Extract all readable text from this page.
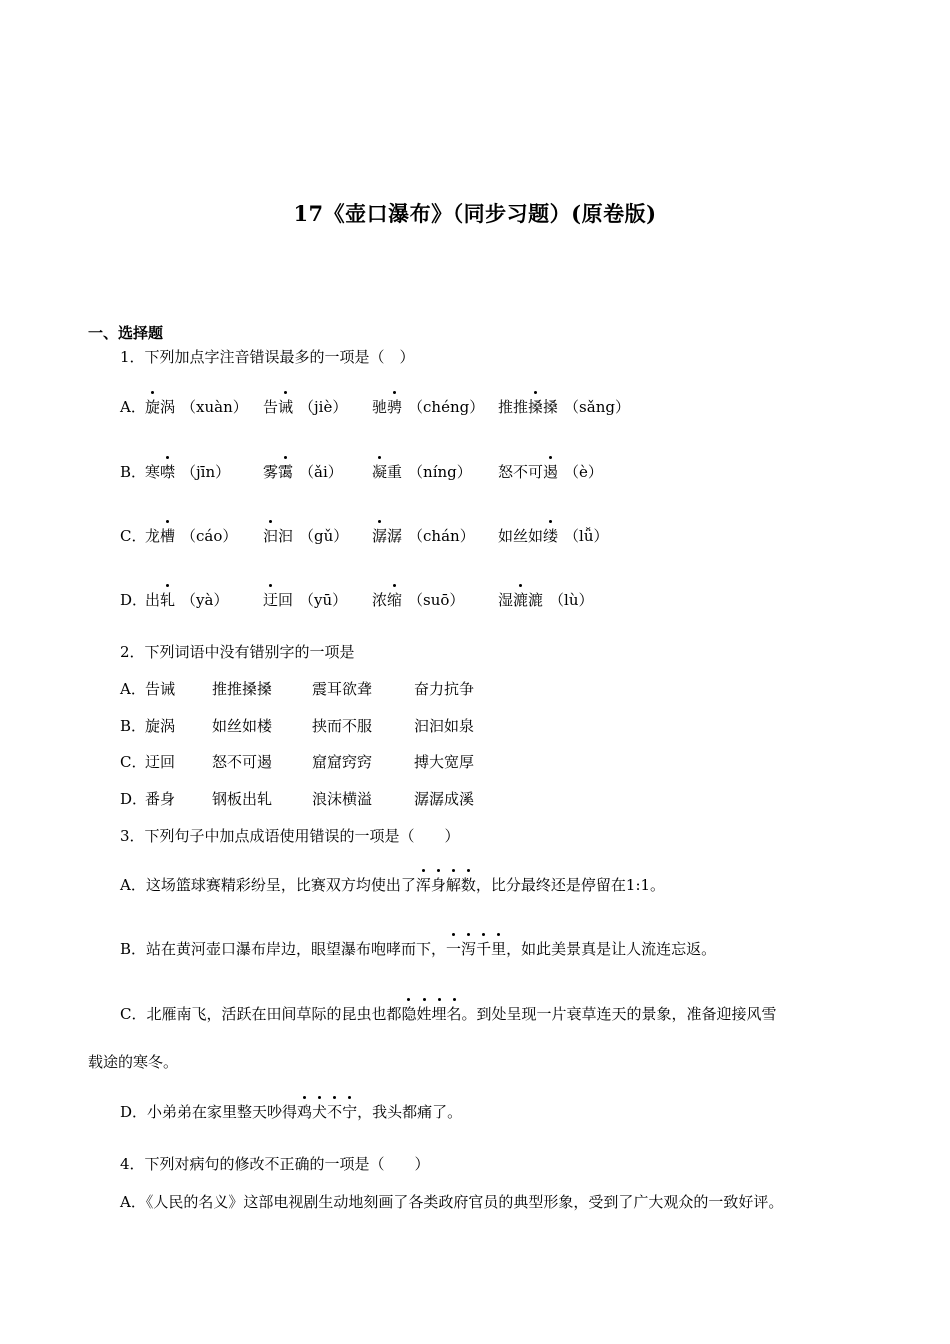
17《壶口瀑布》（同步习题）(原卷版)
一、选择题
1．下列加点字注音错误最多的一项是（　）
A． 旋涡 （xuàn） 告诫 （jiè） 驰骋 （chéng） 推推搡搡 （sǎng）
B．
寒噤 （jīn） 雾霭 （ǎi） 凝重 （níng） 怒不可遏 （è）
C．
龙槽 （cáo） 汩汩 （gǔ） 潺潺 （chán） 如丝如缕 （lǚ）
D．
出轧 （yà） 迂回 （yū） 浓缩 （suō） 湿漉漉 （lù）
2．下列词语中没有错别字的一项是
A． 告诫 推推搡搡	震耳欲聋	奋力抗争
B．
旋涡 如丝如楼	挟而不服	汩汩如泉
C．
迂回 怒不可遏	窟窟窍窍	搏大宽厚
D．
番身 钢板出轧	浪沫横溢	潺潺成溪
3．下列句子中加点成语使用错误的一项是（　　）
A．这场篮球赛精彩纷呈，比赛双方均使出了浑身解数，比分最终还是停留在1:1。
B．站在黄河壶口瀑布岸边，眼望瀑布咆哮而下，一泻千里，如此美景真是让人流连忘返。
C．北雁南飞，活跃在田间草际的昆虫也都隐姓埋名。到处呈现一片衰草连天的景象，准备迎接风雪
载途的寒冬。
D．小弟弟在家里整天吵得鸡犬不宁，我头都痛了。
4．下列对病句的修改不正确的一项是（　　）
A．《人民的名义》这部电视剧生动地刻画了各类政府官员的典型形象，受到了广大观众的一致好评。
